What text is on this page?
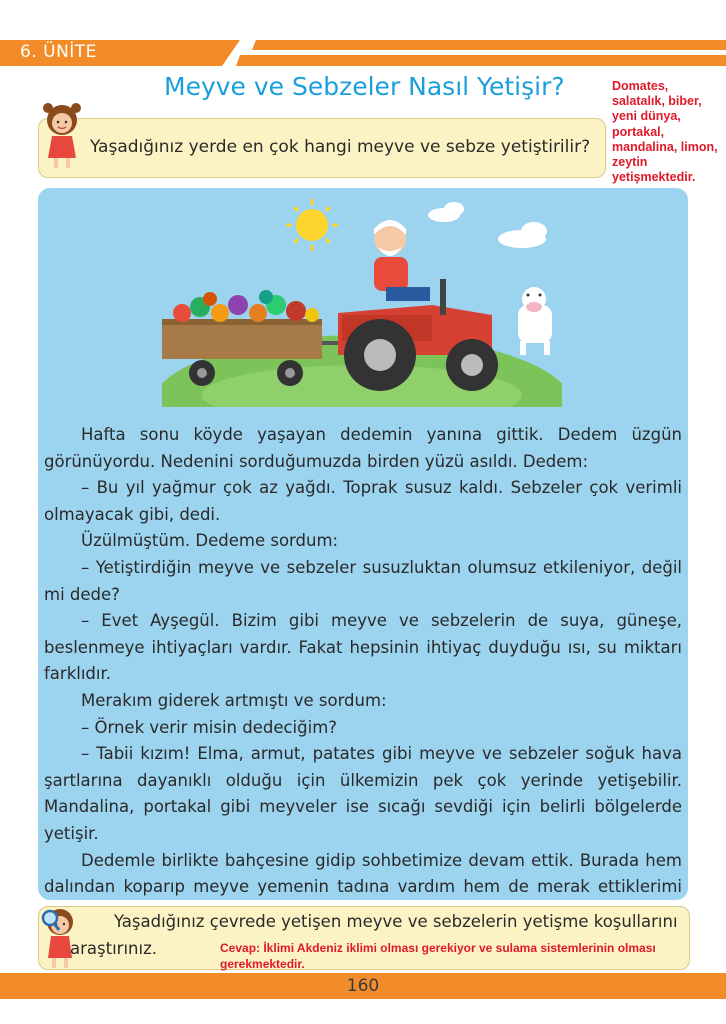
6. ÜNİTE
Meyve ve Sebzeler Nasıl Yetişir?	Domates,
salatalık, biber,
yeni dünya,
portakal,
mandalina, limon,
zeytin
yetişmektedir.
Yaşadığınız yerde en çok hangi meyve ve sebze yetiştirilir?

Hafta sonu köyde yaşayan dedemin yanına gittik. Dedem üzgün görünüyordu. Nedenini sorduğumuzda birden yüzü asıldı. Dedem:

– Bu yıl yağmur çok az yağdı. Toprak susuz kaldı. Sebzeler çok verimli olmayacak gibi, dedi.

Üzülmüştüm. Dedeme sordum:

– Yetiştirdiğin meyve ve sebzeler susuzluktan olumsuz etkileniyor, değil mi dede?

– Evet Ayşegül. Bizim gibi meyve ve sebzelerin de suya, güneşe, beslenmeye ihtiyaçları vardır. Fakat hepsinin ihtiyaç duyduğu ısı, su miktarı farklıdır.

Merakım giderek artmıştı ve sordum:

– Örnek verir misin dedeciğim?

– Tabii kızım! Elma, armut, patates gibi meyve ve sebzeler soğuk hava şartlarına dayanıklı olduğu için ülkemizin pek çok yerinde yetişebilir. Mandalina, portakal gibi meyveler ise sıcağı sevdiği için belirli bölgelerde yetişir.

Dedemle birlikte bahçesine gidip sohbetimize devam ettik. Burada hem dalından koparıp meyve yemenin tadına vardım hem de merak ettiklerimi

Yaşadığınız çevrede yetişen meyve ve sebzelerin yetişme koşullarını araştırınız.	Cevap: İklimi Akdeniz iklimi olması gerekiyor ve sulama sistemlerinin olması gerekmektedir.
160
